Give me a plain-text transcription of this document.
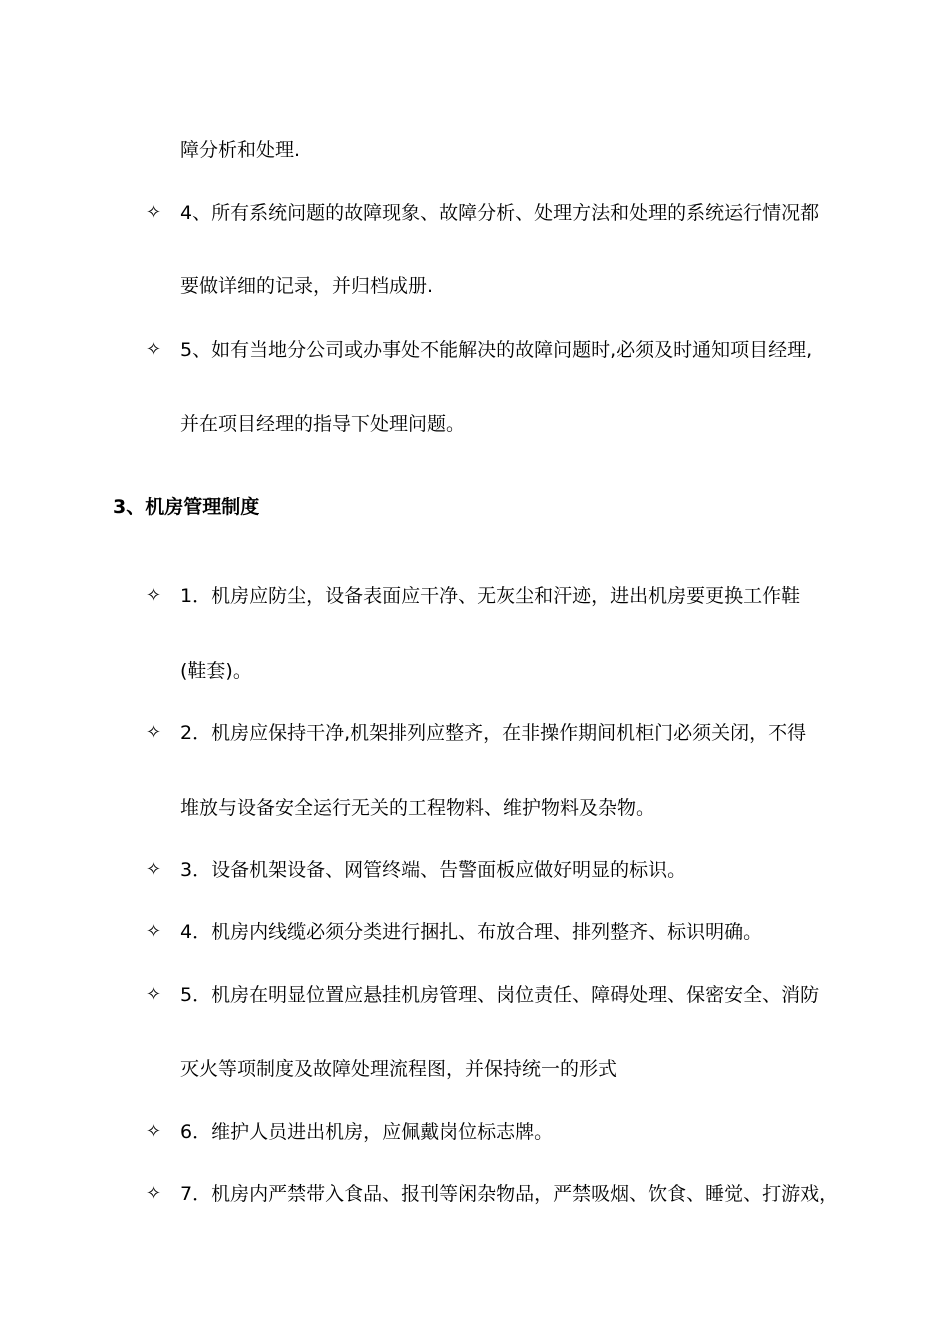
障分析和处理.
✧ 4、所有系统问题的故障现象、故障分析、处理方法和处理的系统运行情况都
要做详细的记录，并归档成册.
✧ 5、如有当地分公司或办事处不能解决的故障问题时,必须及时通知项目经理,
并在项目经理的指导下处理问题。
3、机房管理制度
✧ 1．机房应防尘，设备表面应干净、无灰尘和汗迹，进出机房要更换工作鞋
(鞋套)。
✧ 2．机房应保持干净,机架排列应整齐，在非操作期间机柜门必须关闭，不得
堆放与设备安全运行无关的工程物料、维护物料及杂物。
✧ 3．设备机架设备、网管终端、告警面板应做好明显的标识。
✧ 4．机房内线缆必须分类进行捆扎、布放合理、排列整齐、标识明确。
✧ 5．机房在明显位置应悬挂机房管理、岗位责任、障碍处理、保密安全、消防
灭火等项制度及故障处理流程图，并保持统一的形式
✧ 6．维护人员进出机房，应佩戴岗位标志牌。
✧ 7．机房内严禁带入食品、报刊等闲杂物品，严禁吸烟、饮食、睡觉、打游戏，
